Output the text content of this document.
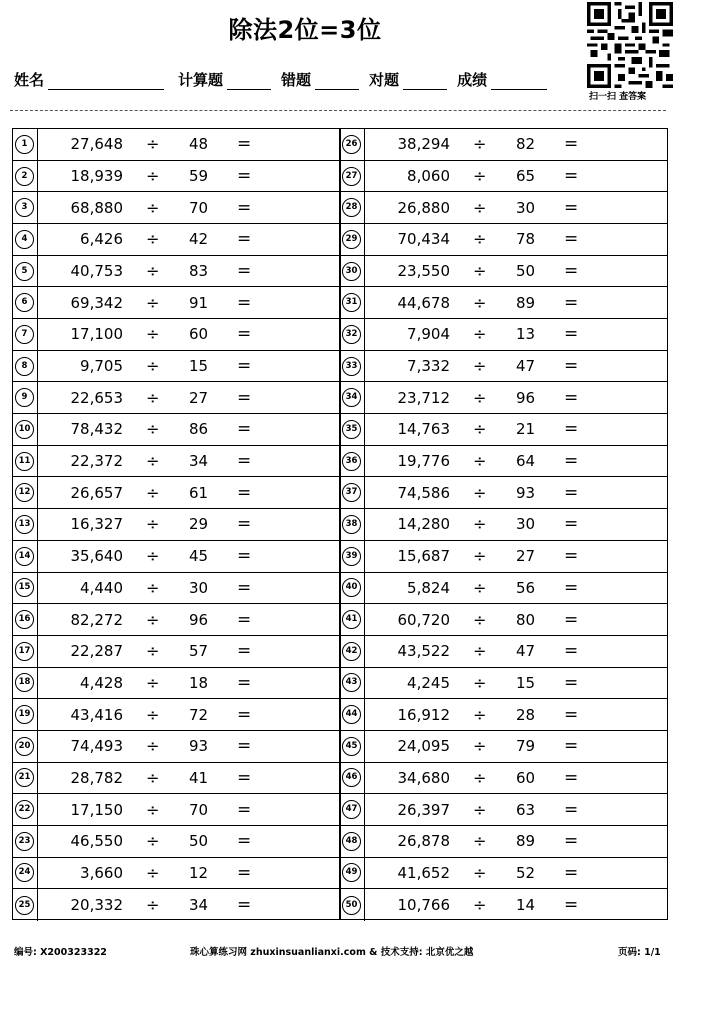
除法2位=3位
扫一扫 查答案
姓名	计算题	错题	对题	成绩
1	27,648 ÷ 48	=
2	18,939 ÷ 59	=
3	68,880 ÷ 70	=
4	6,426 ÷ 42	=
5	40,753 ÷ 83	=
6	69,342 ÷ 91	=
7	17,100 ÷ 60	=
8	9,705 ÷ 15	=
9	22,653 ÷ 27	=
10	78,432 ÷ 86	=
11	22,372 ÷ 34	=
12	26,657 ÷ 61	=
13	16,327 ÷ 29	=
14	35,640 ÷ 45	=
15	4,440 ÷ 30	=
16	82,272 ÷ 96	=
17	22,287 ÷ 57	=
18	4,428 ÷ 18	=
19	43,416 ÷ 72	=
20	74,493 ÷ 93	=
21	28,782 ÷ 41	=
22	17,150 ÷ 70	=
23	46,550 ÷ 50	=
24	3,660 ÷ 12	=
25	20,332 ÷ 34	=
26	38,294 ÷ 82	=
27	8,060 ÷ 65	=
28	26,880 ÷ 30	=
29	70,434 ÷ 78	=
30	23,550 ÷ 50	=
31	44,678 ÷ 89	=
32	7,904 ÷ 13	=
33	7,332 ÷ 47	=
34	23,712 ÷ 96	=
35	14,763 ÷ 21	=
36	19,776 ÷ 64	=
37	74,586 ÷ 93	=
38	14,280 ÷ 30	=
39	15,687 ÷ 27	=
40	5,824 ÷ 56	=
41	60,720 ÷ 80	=
42	43,522 ÷ 47	=
43	4,245 ÷ 15	=
44	16,912 ÷ 28	=
45	24,095 ÷ 79	=
46	34,680 ÷ 60	=
47	26,397 ÷ 63	=
48	26,878 ÷ 89	=
49	41,652 ÷ 52	=
50	10,766 ÷ 14	=
编号: X200323322	珠心算练习网 zhuxinsuanlianxi.com & 技术支持: 北京优之越	页码: 1/1
